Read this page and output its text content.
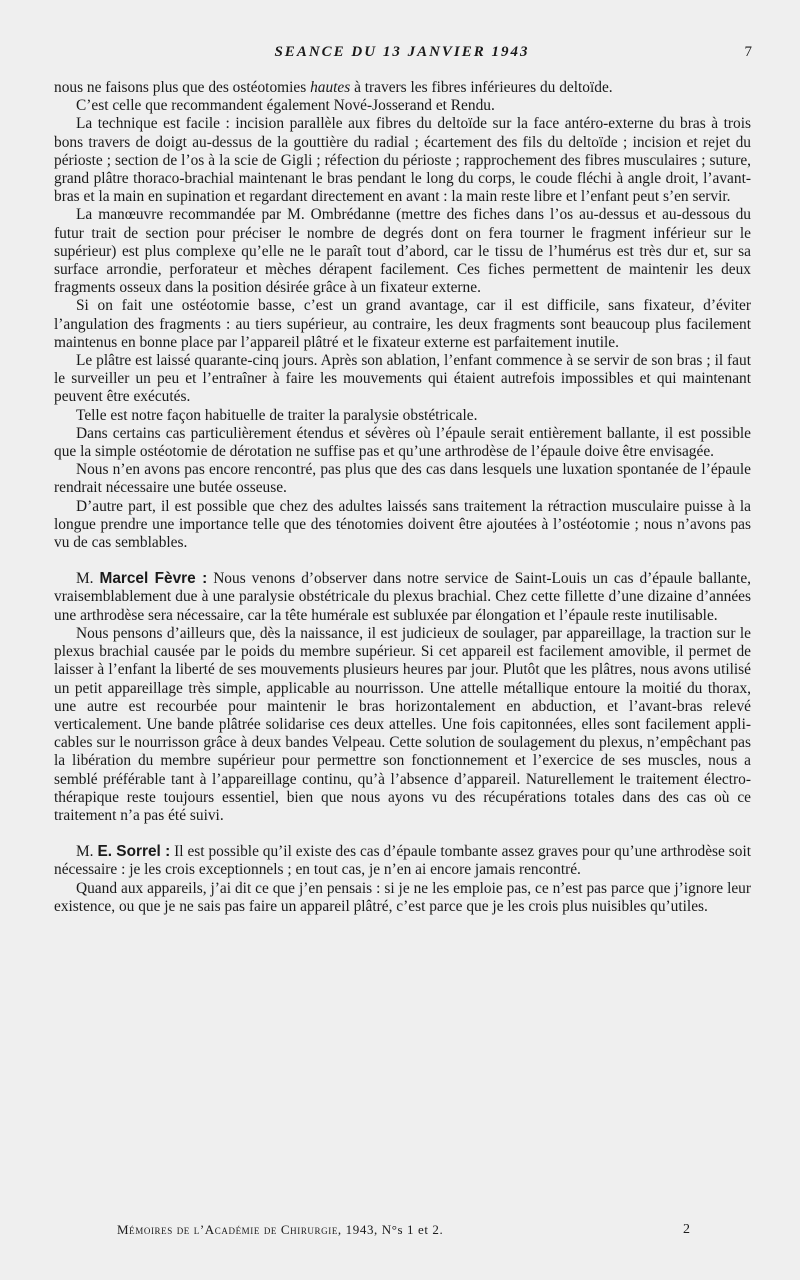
SEANCE DU 13 JANVIER 1943	7

nous ne faisons plus que des ostéotomies hautes à travers les fibres inférieures du deltoïde.

C’est celle que recommandent également Nové-Josserand et Rendu.

La technique est facile : incision parallèle aux fibres du deltoïde sur la face antéro-externe du bras à trois bons travers de doigt au-dessus de la gouttière du radial ; écartement des fils du deltoïde ; incision et rejet du périoste ; section de l’os à la scie de Gigli ; réfection du périoste ; rapprochement des fibres musculaires ; suture, grand plâtre thoraco-brachial maintenant le bras pendant le long du corps, le coude fléchi à angle droit, l’avant-bras et la main en supination et regardant directement en avant : la main reste libre et l’enfant peut s’en servir.

La manœuvre recommandée par M. Ombrédanne (mettre des fiches dans l’os au-dessus et au-dessous du futur trait de section pour préciser le nombre de degrés dont on fera tourner le fragment inférieur sur le supérieur) est plus complexe qu’elle ne le paraît tout d’abord, car le tissu de l’humérus est très dur et, sur sa surface arrondie, perforateur et mèches dérapent facilement. Ces fiches permettent de maintenir les deux fragments osseux dans la position désirée grâce à un fixateur externe.

Si on fait une ostéotomie basse, c’est un grand avantage, car il est difficile, sans fixateur, d’éviter l’angulation des fragments : au tiers supérieur, au contraire, les deux fragments sont beaucoup plus facilement maintenus en bonne place par l’appareil plâtré et le fixateur externe est parfaitement inutile.

Le plâtre est laissé quarante-cinq jours. Après son ablation, l’enfant commence à se servir de son bras ; il faut le surveiller un peu et l’entraîner à faire les mouvements qui étaient autrefois impossibles et qui maintenant peuvent être exécutés.

Telle est notre façon habituelle de traiter la paralysie obstétricale.

Dans certains cas particulièrement étendus et sévères où l’épaule serait entièrement ballante, il est possible que la simple ostéotomie de dérotation ne suffise pas et qu’une arthrodèse de l’épaule doive être envisagée.

Nous n’en avons pas encore rencontré, pas plus que des cas dans lesquels une luxation spontanée de l’épaule rendrait nécessaire une butée osseuse.

D’autre part, il est possible que chez des adultes laissés sans traitement la rétraction musculaire puisse à la longue prendre une importance telle que des ténotomies doivent être ajoutées à l’ostéotomie ; nous n’avons pas vu de cas semblables.

M. Marcel Fèvre : Nous venons d’observer dans notre service de Saint-Louis un cas d’épaule ballante, vraisemblablement due à une paralysie obstétricale du plexus brachial. Chez cette fillette d’une dizaine d’années une arthrodèse sera nécessaire, car la tête humérale est subluxée par élongation et l’épaule reste inutilisable.

Nous pensons d’ailleurs que, dès la naissance, il est judicieux de soulager, par appareillage, la traction sur le plexus brachial causée par le poids du membre supérieur. Si cet appareil est facilement amovible, il permet de laisser à l’enfant la liberté de ses mouvements plusieurs heures par jour. Plutôt que les plâtres, nous avons utilisé un petit appareillage très simple, applicable au nourrisson. Une attelle métallique entoure la moitié du thorax, une autre est recourbée pour maintenir le bras horizontalement en abduction, et l’avant-bras relevé verticalement. Une bande plâtrée solidarise ces deux attelles. Une fois capitonnées, elles sont facilement applicables sur le nourrisson grâce à deux bandes Velpeau. Cette solution de soulagement du plexus, n’empêchant pas la libération du membre supérieur pour permettre son fonctionnement et l’exercice de ses muscles, nous a semblé préférable tant à l’appareillage continu, qu’à l’absence d’appareil. Naturellement le traitement électrothérapique reste toujours essentiel, bien que nous ayons vu des récupérations totales dans des cas où ce traitement n’a pas été suivi.

M. E. Sorrel : Il est possible qu’il existe des cas d’épaule tombante assez graves pour qu’une arthrodèse soit nécessaire : je les crois exceptionnels ; en tout cas, je n’en ai encore jamais rencontré.

Quand aux appareils, j’ai dit ce que j’en pensais : si je ne les emploie pas, ce n’est pas parce que j’ignore leur existence, ou que je ne sais pas faire un appareil plâtré, c’est parce que je les crois plus nuisibles qu’utiles.

Mémoires de l’Académie de Chirurgie, 1943, N°s 1 et 2.	2
